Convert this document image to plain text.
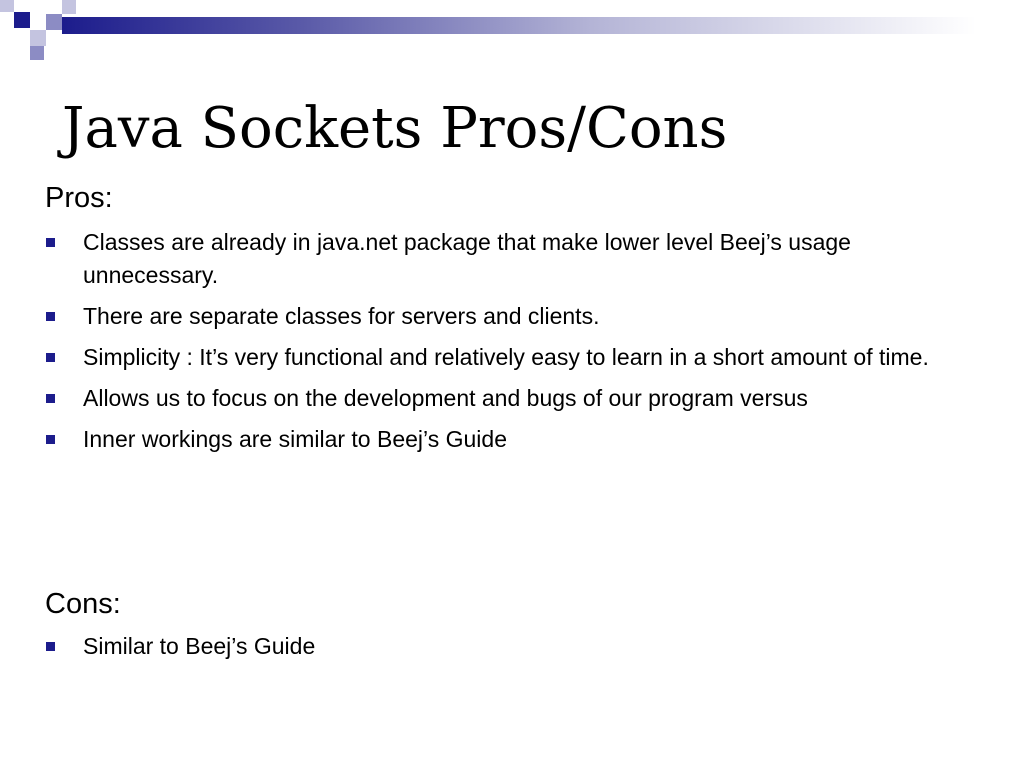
Java Sockets Pros/Cons

Pros:

Classes are already in java.net package that make lower level Beej’s usage unnecessary.
There are separate classes for servers and clients.
Simplicity : It’s very functional and relatively easy to learn in a short amount of time.
Allows us to focus on the development and bugs of our program versus
Inner workings are similar to Beej’s Guide

Cons:

Similar to Beej’s Guide
